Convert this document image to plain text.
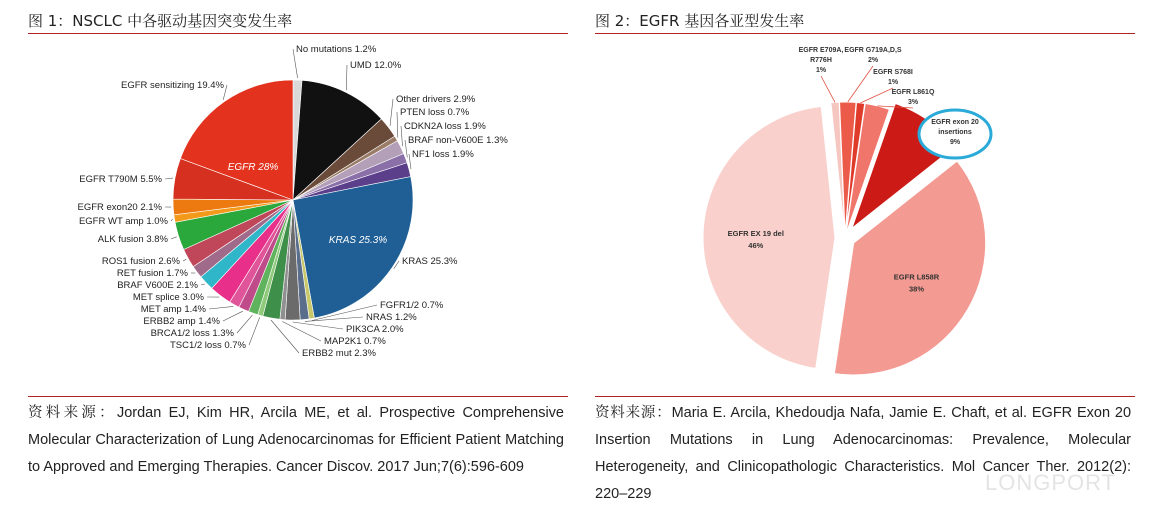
图 1：NSCLC 中各驱动基因突变发生率
No mutations 1.2%
UMD 12.0%
Other drivers 2.9%
PTEN loss 0.7%
CDKN2A loss 1.9%
BRAF non-V600E 1.3%
NF1 loss 1.9%
KRAS 25.3%
FGFR1/2 0.7%
NRAS 1.2%
PIK3CA 2.0%
MAP2K1 0.7%
ERBB2 mut 2.3%
TSC1/2 loss 0.7%
BRCA1/2 loss 1.3%
ERBB2 amp 1.4%
MET amp 1.4%
MET splice 3.0%
BRAF V600E 2.1%
RET fusion 1.7%
ROS1 fusion 2.6%
ALK fusion 3.8%
EGFR WT amp 1.0%
EGFR exon20 2.1%
EGFR T790M 5.5%
EGFR sensitizing 19.4%
EGFR 28%
KRAS 25.3%
资料来源：Jordan EJ, Kim HR, Arcila ME, et al. Prospective Comprehensive Molecular Characterization of Lung Adenocarcinomas for Efficient Patient Matching to Approved and Emerging Therapies. Cancer Discov. 2017 Jun;7(6):596-609
图 2：EGFR 基因各亚型发生率
EGFR E709A, R776H 1%
EGFR G719A,D,S 2%
EGFR S768I 1%
EGFR L861Q 3%
EGFR exon 20 insertions 9%
EGFR L858R 38%
EGFR EX 19 del 46%
资料来源：Maria E. Arcila, Khedoudja Nafa, Jamie E. Chaft, et al. EGFR Exon 20 Insertion Mutations in Lung Adenocarcinomas: Prevalence, Molecular Heterogeneity, and Clinicopathologic Characteristics. Mol Cancer Ther. 2012(2): 220–229	LONGPORT
